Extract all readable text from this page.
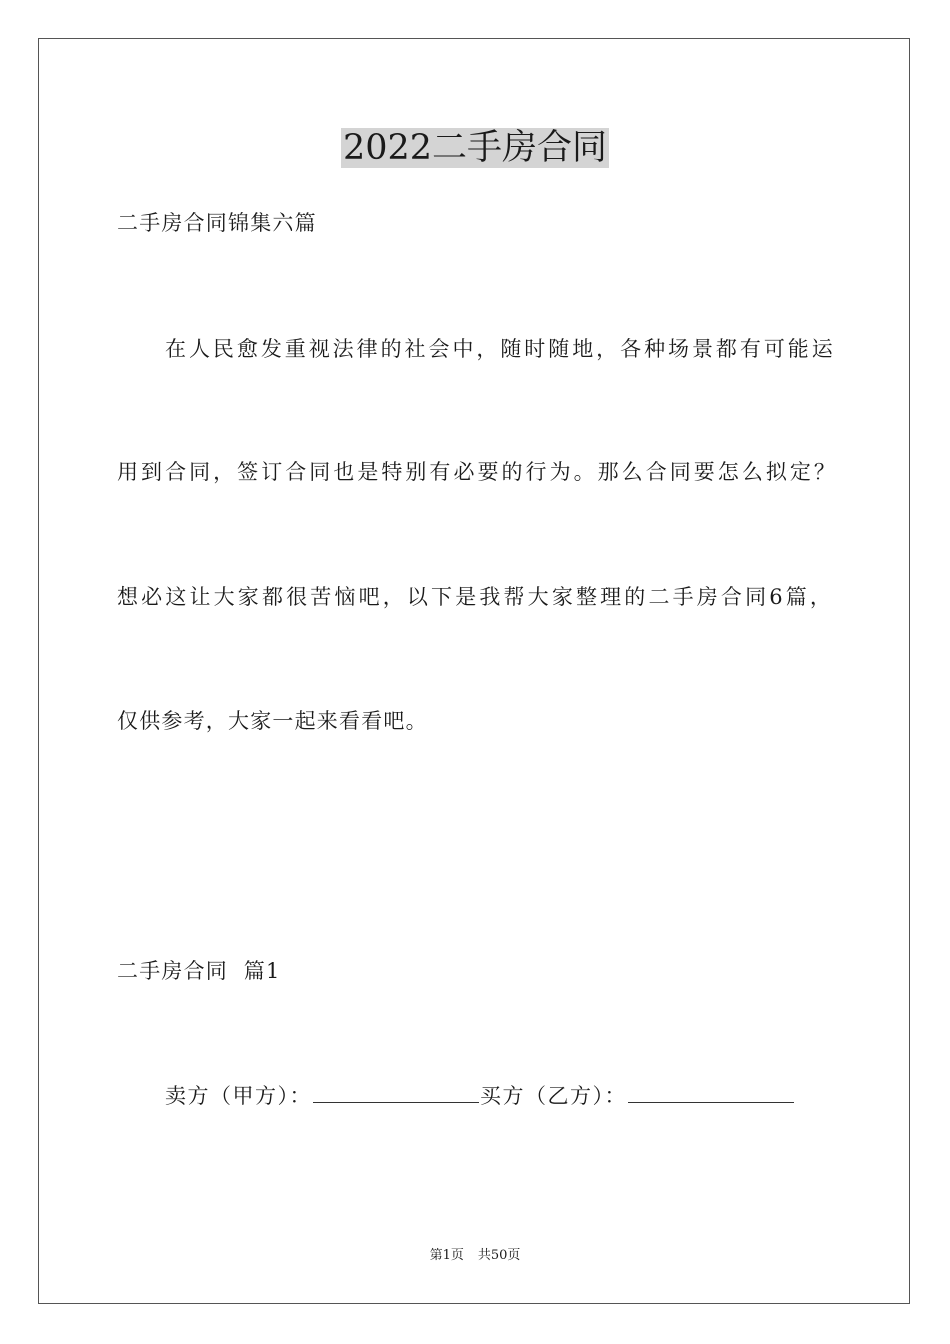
2022二手房合同
二手房合同锦集六篇
在 人 民 愈 发 重 视 法 律 的 社 会 中 ， 随 时 随 地 ， 各 种 场 景 都 有 可 能 运
用 到 合 同 ， 签 订 合 同 也 是 特 别 有 必 要 的 行 为 。 那 么 合 同 要 怎 么 拟 定 ？
想 必 这 让 大 家 都 很 苦 恼 吧 ， 以 下 是 我 帮 大 家 整 理 的 二 手 房 合 同 6 篇 ，
仅供参考，大家一起来看看吧。
二手房合同  篇1
卖方（甲方）：	买方（乙方）：
第1页 共50页
